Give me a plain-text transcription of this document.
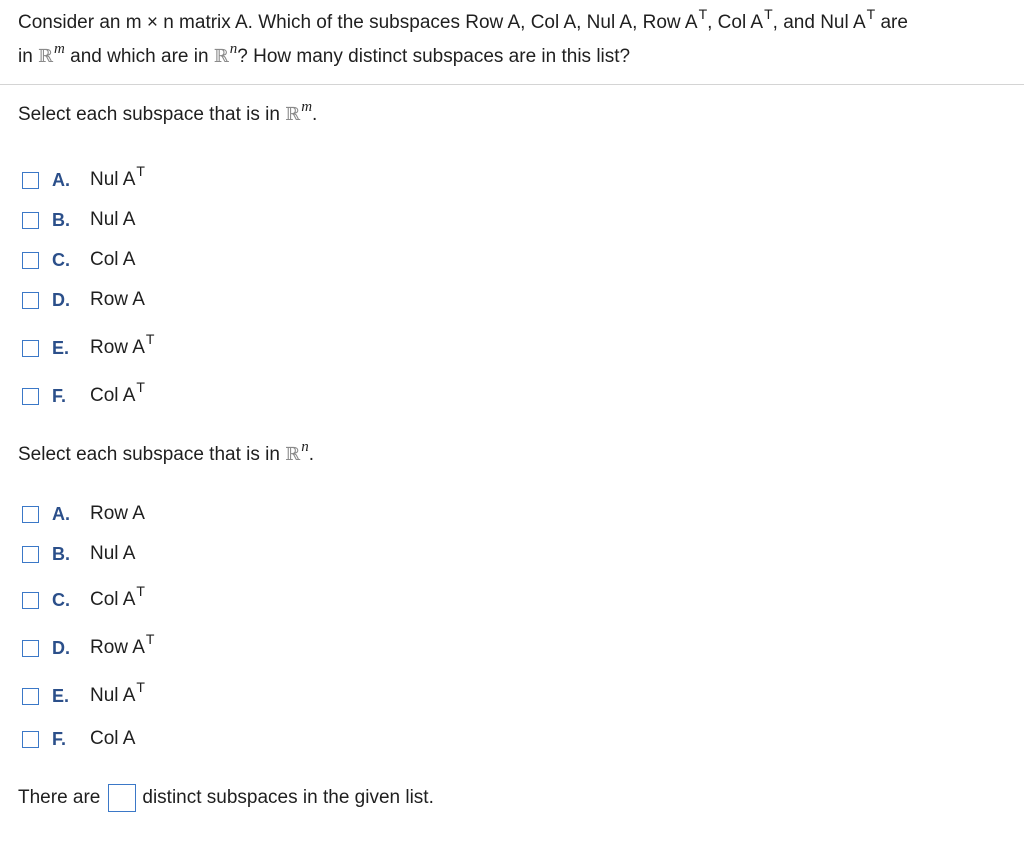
Consider an m × n matrix A. Which of the subspaces Row A, Col A, Nul A, Row $A^T$, Col $A^T$, and Nul $A^T$ are
in ℝ$^m$ and which are in ℝ$^n$? How many distinct subspaces are in this list?
Select each subspace that is in ℝ$^m$.
A. Nul $A^T$
B. Nul A
C. Col A
D. Row A
E. Row $A^T$
F. Col $A^T$
Select each subspace that is in ℝ$^n$.
A. Row A
B. Nul A
C. Col $A^T$
D. Row $A^T$
E. Nul $A^T$
F. Col A
There are distinct subspaces in the given list.
